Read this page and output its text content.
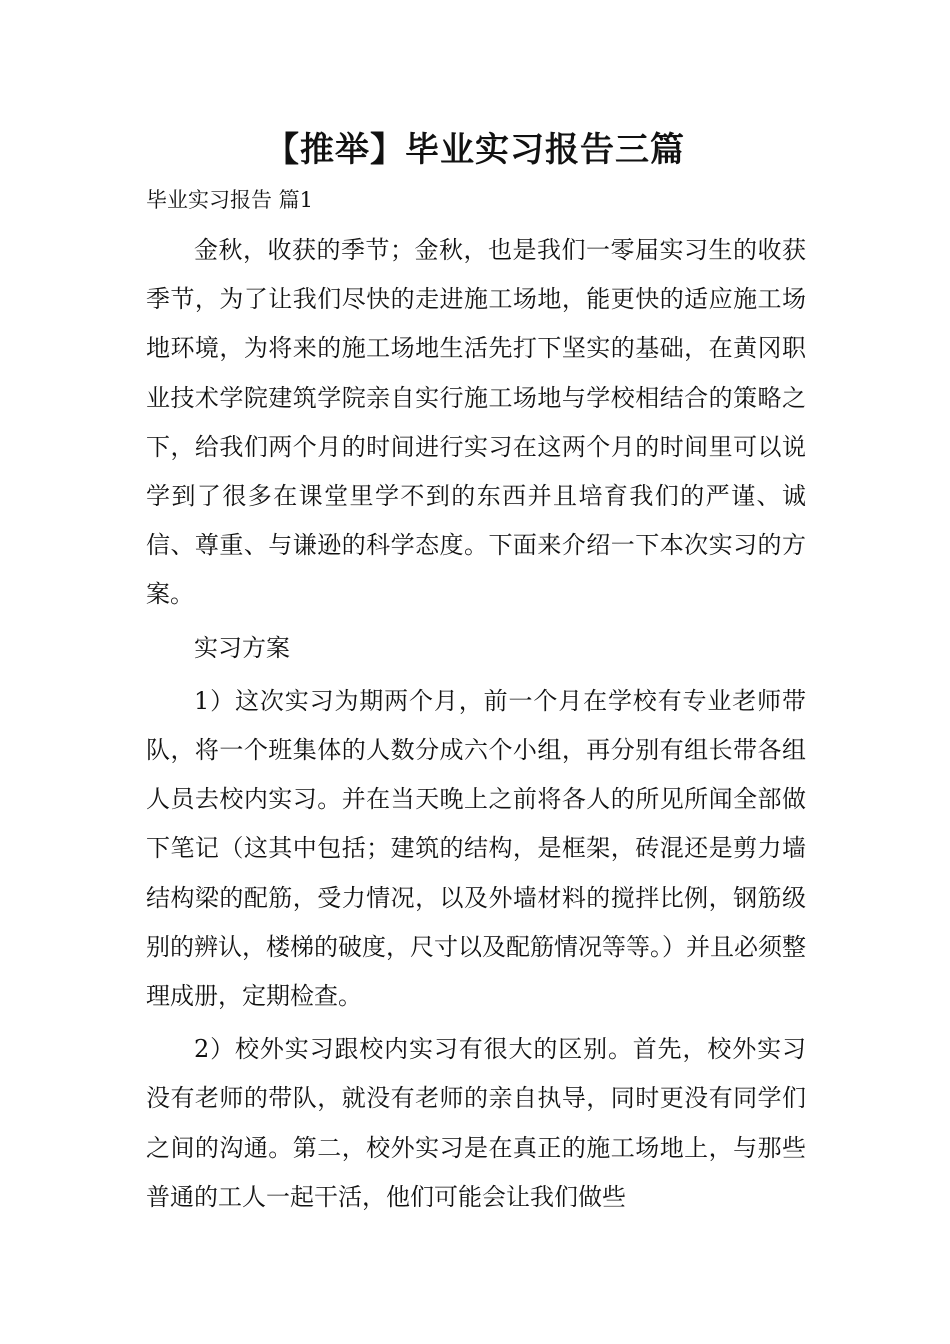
【推举】毕业实习报告三篇
毕业实习报告 篇1

金秋，收获的季节；金秋，也是我们一零届实习生的收获季节，为了让我们尽快的走进施工场地，能更快的适应施工场地环境，为将来的施工场地生活先打下坚实的基础，在黄冈职业技术学院建筑学院亲自实行施工场地与学校相结合的策略之下，给我们两个月的时间进行实习在这两个月的时间里可以说学到了很多在课堂里学不到的东西并且培育我们的严谨、诚信、尊重、与谦逊的科学态度。下面来介绍一下本次实习的方案。

实习方案

1）这次实习为期两个月，前一个月在学校有专业老师带队，将一个班集体的人数分成六个小组，再分别有组长带各组人员去校内实习。并在当天晚上之前将各人的所见所闻全部做下笔记（这其中包括；建筑的结构，是框架，砖混还是剪力墙结构梁的配筋，受力情况，以及外墙材料的搅拌比例，钢筋级别的辨认，楼梯的破度，尺寸以及配筋情况等等。）并且必须整理成册，定期检查。

2）校外实习跟校内实习有很大的区别。首先，校外实习没有老师的带队，就没有老师的亲自执导，同时更没有同学们之间的沟通。第二，校外实习是在真正的施工场地上，与那些普通的工人一起干活，他们可能会让我们做些
